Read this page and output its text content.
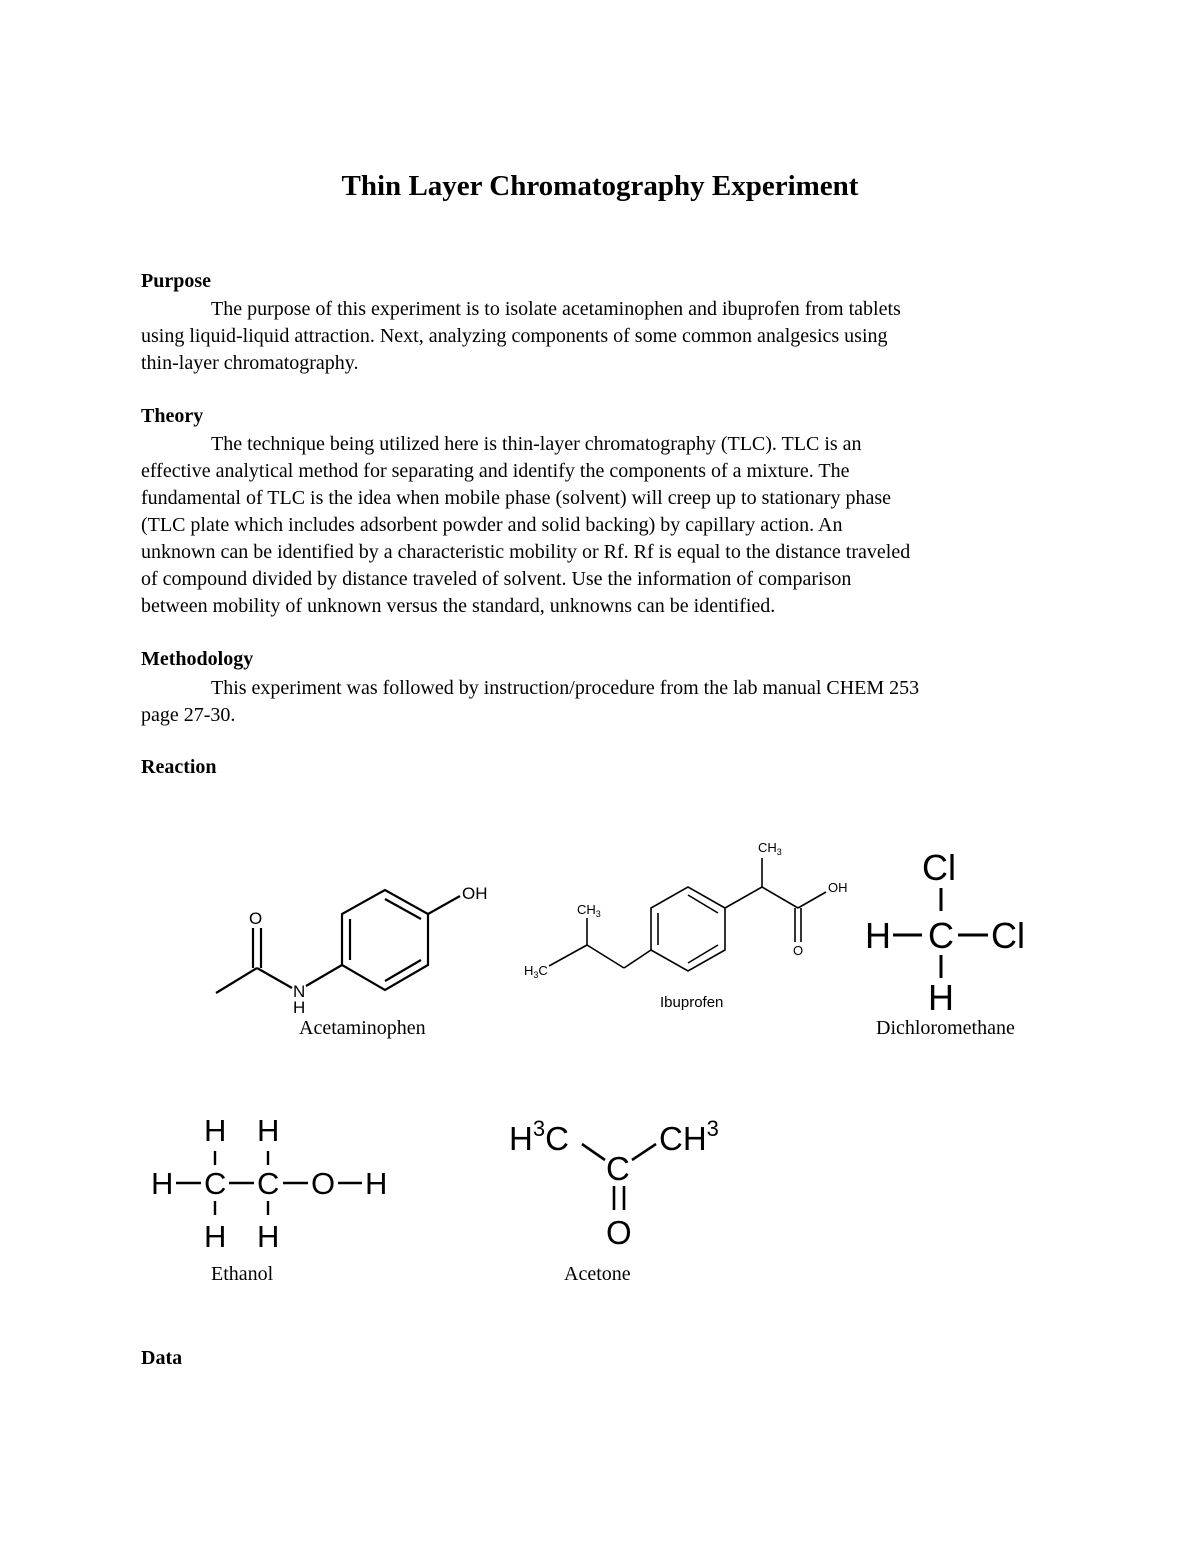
Thin Layer Chromatography Experiment
Purpose
The purpose of this experiment is to isolate acetaminophen and ibuprofen from tablets
using liquid-liquid attraction. Next, analyzing components of some common analgesics using
thin-layer chromatography.
Theory
The technique being utilized here is thin-layer chromatography (TLC). TLC is an
effective analytical method for separating and identify the components of a mixture. The
fundamental of TLC is the idea when mobile phase (solvent) will creep up to stationary phase
(TLC plate which includes adsorbent powder and solid backing) by capillary action. An
unknown can be identified by a characteristic mobility or Rf. Rf is equal to the distance traveled
of compound divided by distance traveled of solvent. Use the information of comparison
between mobility of unknown versus the standard, unknowns can be identified.
Methodology
This experiment was followed by instruction/procedure from the lab manual CHEM 253
page 27-30.
Reaction
O
OH
N
H
$CH_3$
$CH_3$
$H_3C$
OH
O
Ibuprofen
Cl
H C Cl
H
H H
H C C O H
H H
$H^3C$
C
$CH^3$
O
Acetaminophen	Dichloromethane
Ethanol	Acetone
Data
